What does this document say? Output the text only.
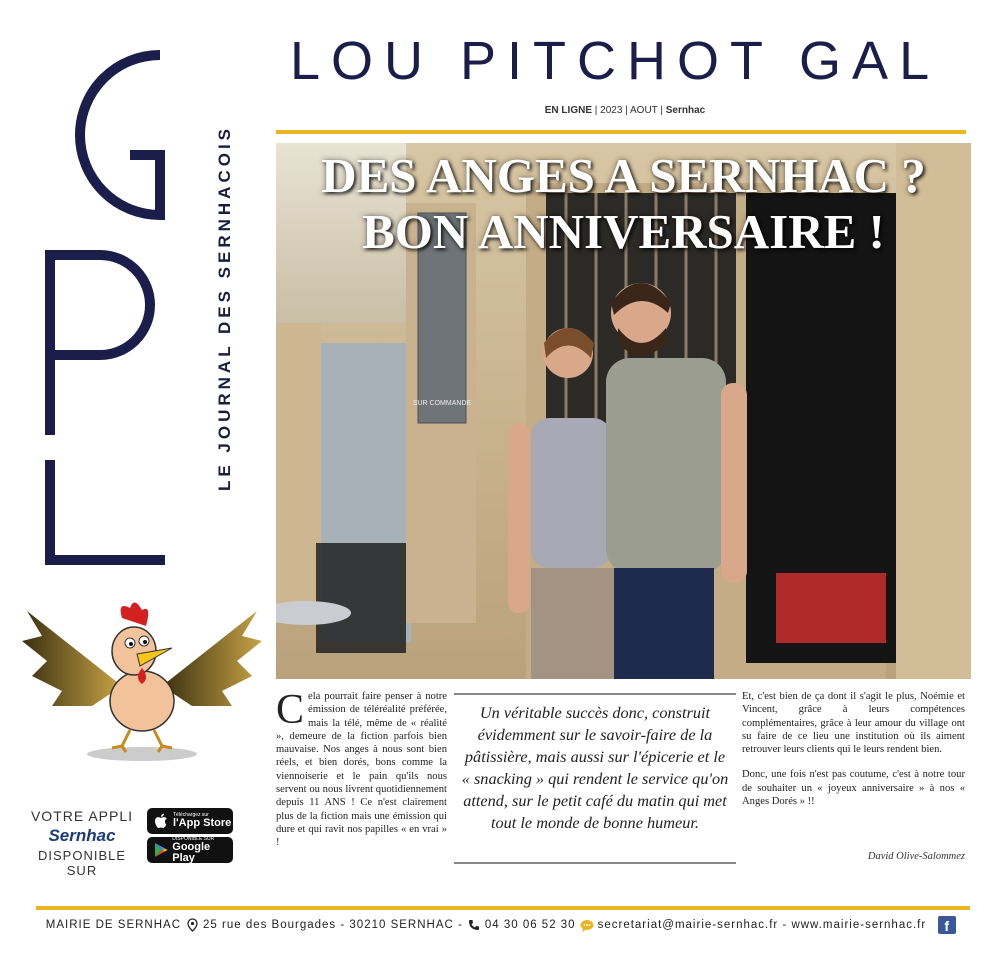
LE JOURNAL DES SERNHACOIS
VOTRE APPLI
Sernhac
DISPONIBLE SUR
Téléchargez sur
l'App Store
DISPONIBLE SUR
Google Play
LOU PITCHOT GAL
EN LIGNE | 2023 | AOUT | Sernhac
SUR COMMANDE
DES ANGES A SERNHAC ?
BON ANNIVERSAIRE !
C ela pourrait faire penser à notre émission de téléréalité préférée, mais la télé, même de « réalité », demeure de la fiction parfois bien mauvaise. Nos anges à nous sont bien réels, et bien dorés, bons comme la viennoiserie et le pain qu'ils nous servent ou nous livrent quotidiennement depuis 11 ANS ! Ce n'est clairement plus de la fiction mais une émission qui dure et qui ravit nos papilles « en vrai » !
Un véritable succès donc, construit évidemment sur le savoir-faire de la pâtissière, mais aussi sur l'épicerie et le « snacking » qui rendent le service qu'on attend, sur le petit café du matin qui met tout le monde de bonne humeur.

Et, c'est bien de ça dont il s'agit le plus, Noémie et Vincent, grâce à leurs compétences complémentaires, grâce à leur amour du village ont su faire de ce lieu une institution où ils aiment retrouver leurs clients qui le leurs rendent bien.

Donc, une fois n'est pas coutume, c'est à notre tour de souhaiter un « joyeux anniversaire » à nos « Anges Dorés » !!

David Olive-Salommez
MAIRIE DE SERNHAC 25 rue des Bourgades - 30210 SERNHAC - 04 30 06 52 30 secretariat@mairie-sernhac.fr - www.mairie-sernhac.fr	f
